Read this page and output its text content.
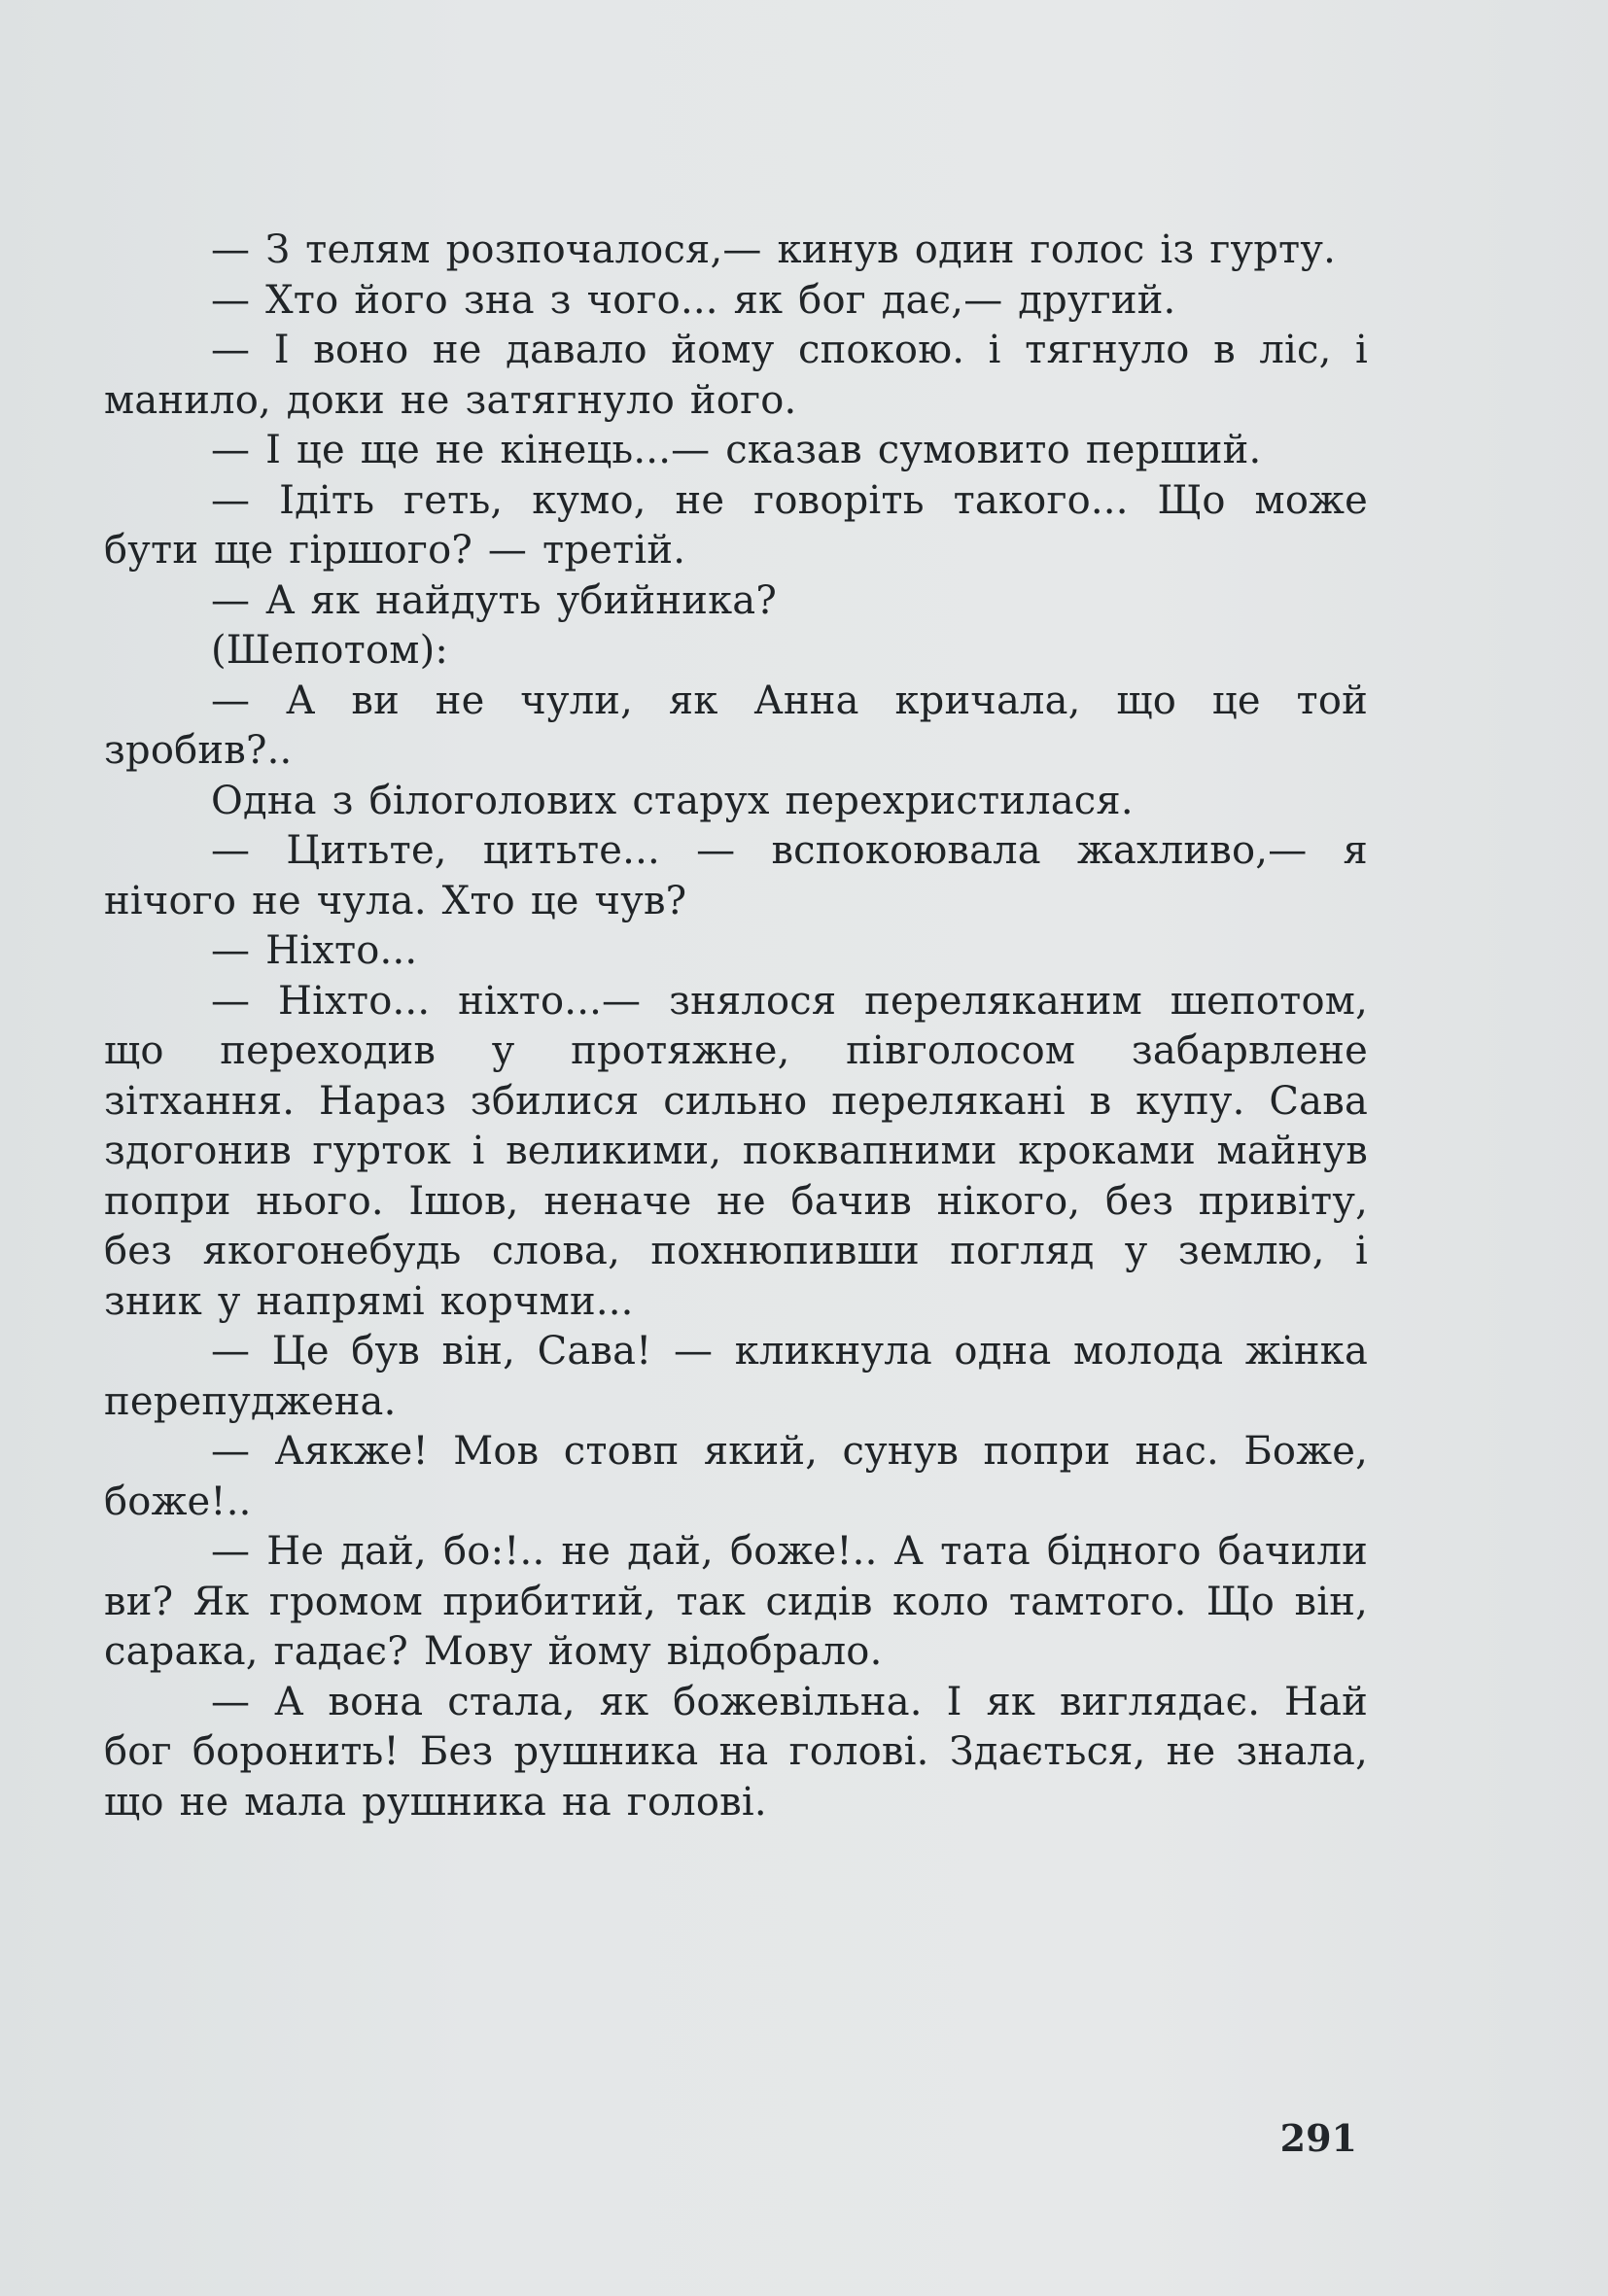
— З телям розпочалося,— кинув один голос із гурту.

— Хто його зна з чого... як бог дає,— другий.

— І воно не давало йому спокою. і тягнуло в ліс, і манило, доки не затягнуло його.

— І це ще не кінець...— сказав сумовито перший.

— Ідіть геть, кумо, не говоріть такого... Що може бути ще гіршого? — третій.

— А як найдуть убийника?

(Шепотом):

— А ви не чули, як Анна кричала, що це той зробив?..

Одна з білоголових старух перехристилася.

— Цитьте, цитьте... — вспокоювала жахливо,— я нічого не чула. Хто це чув?

— Ніхто...

— Ніхто... ніхто...— знялося переляканим шепотом, що переходив у протяжне, півголосом забарвлене зітхання. Нараз збилися сильно перелякані в купу. Сава здогонив гурток і великими, поквапними кроками майнув попри нього. Ішов, неначе не бачив нікого, без привіту, без якогонебудь слова, похнюпивши погляд у землю, і зник у напрямі корчми...

— Це був він, Сава! — кликнула одна молода жінка перепуджена.

— Аякже! Мов стовп який, сунув попри нас. Боже, боже!..

— Не дай, бо:!.. не дай, боже!.. А тата бідного бачили ви? Як громом прибитий, так сидів коло тамтого. Що він, сарака, гадає? Мову йому відобрало.

— А вона стала, як божевільна. І як виглядає. Най бог боронить! Без рушника на голові. Здається, не знала, що не мала рушника на голові.

291
